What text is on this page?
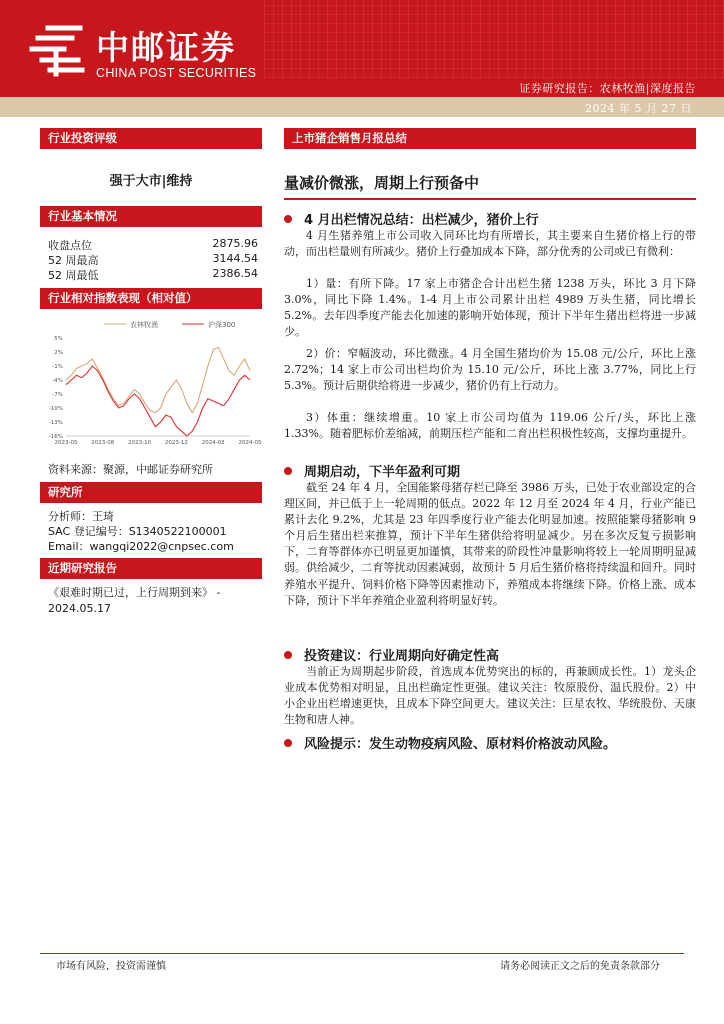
中邮证券
CHINA POST SECURITIES
证券研究报告：农林牧渔|深度报告
2024 年 5 月 27 日
行业投资评级
强于大市|维持
行业基本情况
收盘点位	2875.96
52 周最高	3144.54
52 周最低	2386.54
行业相对指数表现（相对值）
农林牧渔	沪深300
5%
2%
-1%
-4%
-7%
-10%
-13%
-16%
2023-05	2023-08	2023-10	2023-12	2024-03	2024-05
资料来源：聚源，中邮证券研究所
研究所
分析师：王琦
SAC 登记编号：S1340522100001
Email：wangqi2022@cnpsec.com
近期研究报告
《艰难时期已过，上行周期到来》 - 2024.05.17
上市猪企销售月报总结
量减价微涨，周期上行预备中
4 月出栏情况总结：出栏减少，猪价上行
4 月生猪养殖上市公司收入同环比均有所增长，其主要来自生猪价格上行的带动，而出栏量则有所减少。猪价上行叠加成本下降，部分优秀的公司或已有微利：
1）量：有所下降。17 家上市猪企合计出栏生猪 1238 万头，环比 3 月下降 3.0%，同比下降 1.4%。1-4 月上市公司累计出栏 4989 万头生猪，同比增长 5.2%。去年四季度产能去化加速的影响开始体现，预计下半年生猪出栏将进一步减少。
2）价：窄幅波动，环比微涨。4 月全国生猪均价为 15.08 元/公斤，环比上涨 2.72%；14 家上市公司出栏均价为 15.10 元/公斤，环比上涨 3.77%，同比上行 5.3%。预计后期供给将进一步减少，猪价仍有上行动力。
3）体重：继续增重。10 家上市公司均值为 119.06 公斤/头，环比上涨 1.33%。随着肥标价差缩减，前期压栏产能和二育出栏积极性较高，支撑均重提升。
周期启动，下半年盈利可期
截至 24 年 4 月，全国能繁母猪存栏已降至 3986 万头，已处于农业部设定的合理区间，并已低于上一轮周期的低点。2022 年 12 月至 2024 年 4 月，行业产能已累计去化 9.2%，尤其是 23 年四季度行业产能去化明显加速。按照能繁母猪影响 9 个月后生猪出栏来推算，预计下半年生猪供给将明显减少。另在多次反复亏损影响下，二育等群体亦已明显更加谨慎，其带来的阶段性冲量影响将较上一轮周期明显减弱。供给减少，二育等扰动因素减弱，故预计 5 月后生猪价格将持续温和回升。同时养殖水平提升、饲料价格下降等因素推动下，养殖成本将继续下降。价格上涨、成本下降，预计下半年养殖企业盈利将明显好转。
投资建议：行业周期向好确定性高
当前正为周期起步阶段，首选成本优势突出的标的，再兼顾成长性。1）龙头企业成本优势相对明显，且出栏确定性更强。建议关注：牧原股份、温氏股份。2）中小企业出栏增速更快，且成本下降空间更大。建议关注：巨星农牧、华统股份、天康生物和唐人神。
风险提示：发生动物疫病风险、原材料价格波动风险。
市场有风险，投资需谨慎	请务必阅读正文之后的免责条款部分
